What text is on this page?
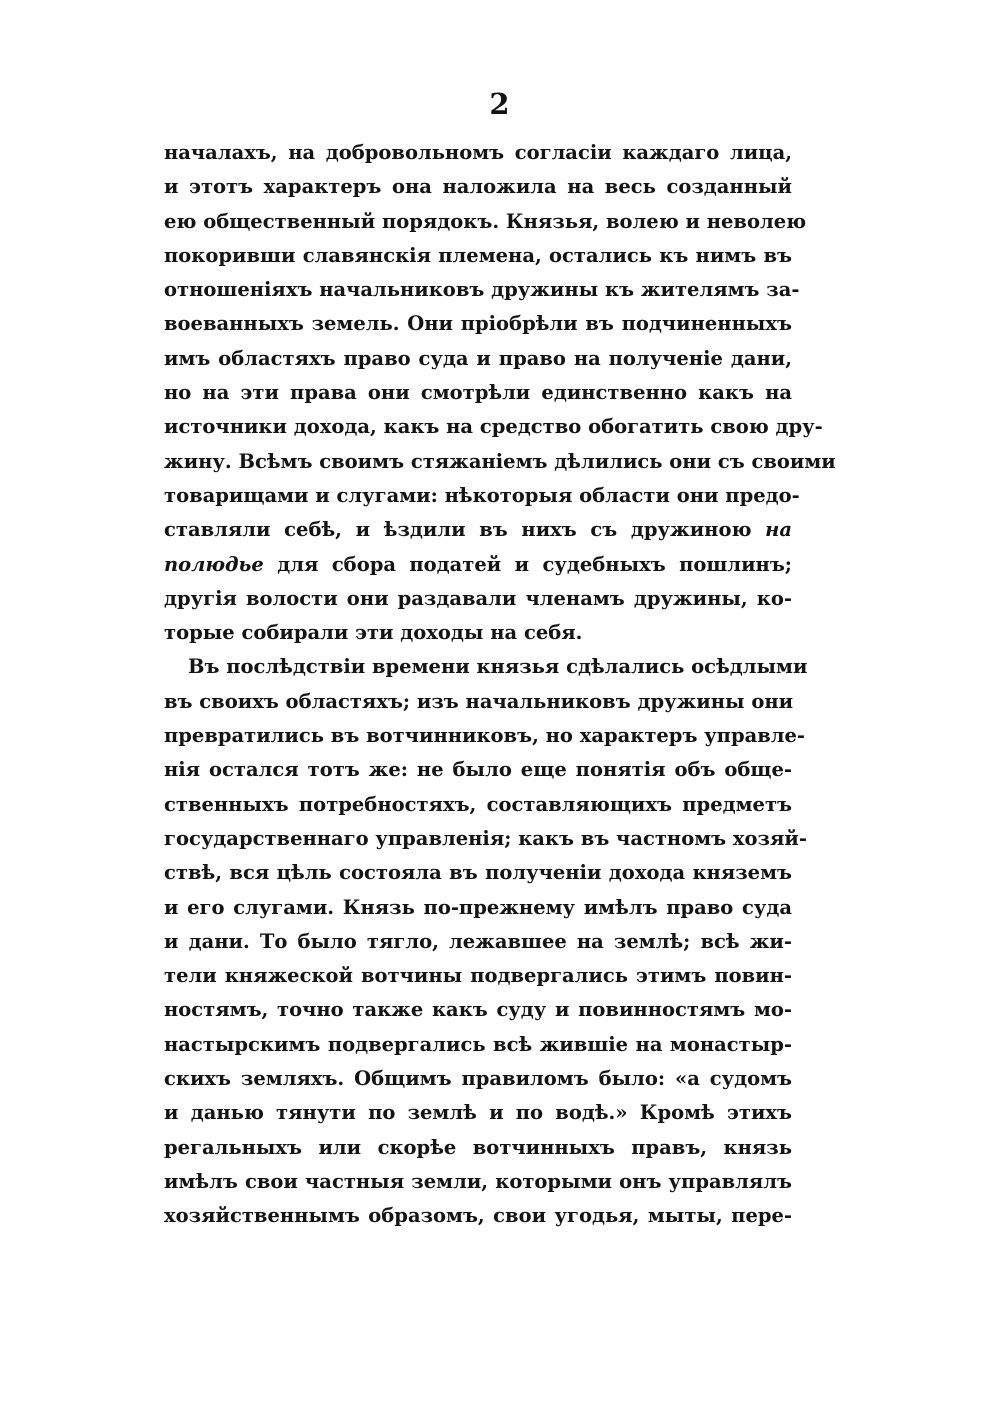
2
началахъ, на добровольномъ согласіи каждаго лица,
и этотъ характеръ она наложила на весь созданный
ею общественный порядокъ. Князья, волею и неволею
покоривши славянскія племена, остались къ нимъ въ
отношеніяхъ начальниковъ дружины къ жителямъ за-
воеванныхъ земель. Они пріобрѣли въ подчиненныхъ
имъ областяхъ право суда и право на полученіе дани,
но на эти права они смотрѣли единственно какъ на
источники дохода, какъ на средство обогатить свою дру-
жину. Всѣмъ своимъ стяжаніемъ дѣлились они съ своими
товарищами и слугами: нѣкоторыя области они предо-
ставляли себѣ, и ѣздили въ нихъ съ дружиною на
полюдье для сбора податей и судебныхъ пошлинъ;
другія волости они раздавали членамъ дружины, ко-
торые собирали эти доходы на себя.
Въ послѣдствіи времени князья сдѣлались осѣдлыми
въ своихъ областяхъ; изъ начальниковъ дружины они
превратились въ вотчинниковъ, но характеръ управле-
нія остался тотъ же: не было еще понятія объ обще-
ственныхъ потребностяхъ, составляющихъ предметъ
государственнаго управленія; какъ въ частномъ хозяй-
ствѣ, вся цѣль состояла въ полученіи дохода княземъ
и его слугами. Князь по-прежнему имѣлъ право суда
и дани. То было тягло, лежавшее на землѣ; всѣ жи-
тели княжеской вотчины подвергались этимъ повин-
ностямъ, точно также какъ суду и повинностямъ мо-
настырскимъ подвергались всѣ жившіе на монастыр-
скихъ земляхъ. Общимъ правиломъ было: «а судомъ
и данью тянути по землѣ и по водѣ.» Кромѣ этихъ
регальныхъ или скорѣе вотчинныхъ правъ, князь
имѣлъ свои частныя земли, которыми онъ управлялъ
хозяйственнымъ образомъ, свои угодья, мыты, пере-
